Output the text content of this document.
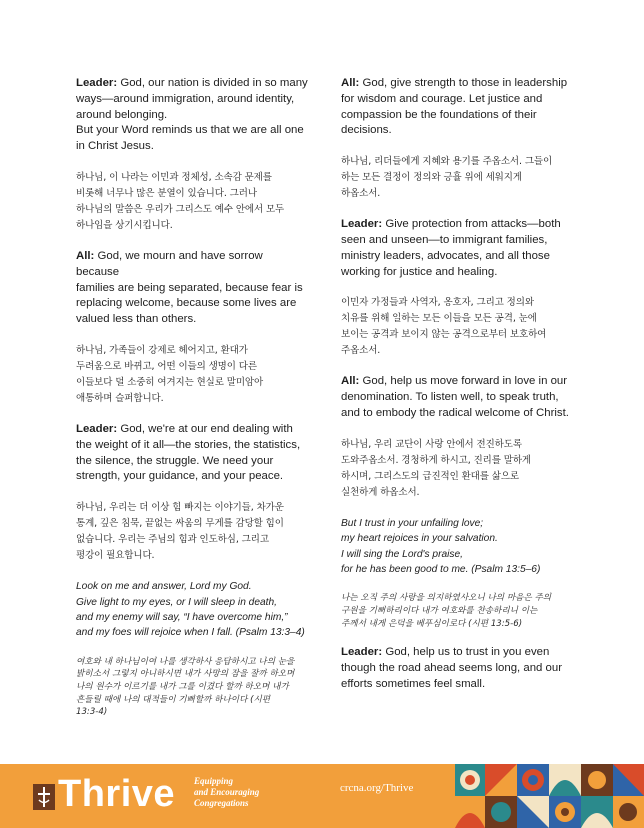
Leader: God, our nation is divided in so many
ways—around immigration, around identity,
around belonging.
But your Word reminds us that we are all one
in Christ Jesus.
하나님, 이 나라는 이민과 정체성, 소속감 문제를
비롯해 너무나 많은 분열이 있습니다. 그러나
하나님의 말씀은 우리가 그리스도 예수 안에서 모두
하나임을 상기시킵니다.
All: God, we mourn and have sorrow because
families are being separated, because fear is
replacing welcome, because some lives are
valued less than others.
하나님, 가족들이 강제로 헤어지고, 환대가
두려움으로 바뀌고, 어떤 이들의 생명이 다른
이들보다 덜 소중히 여겨지는 현실로 말미암아
애통하며 슬퍼합니다.
Leader: God, we're at our end dealing with
the weight of it all—the stories, the statistics,
the silence, the struggle. We need your
strength, your guidance, and your peace.
하나님, 우리는 더 이상 힘 빠지는 이야기들, 차가운
통계, 깊은 침묵, 끝없는 싸움의 무게를 감당할 힘이
없습니다. 우리는 주님의 힘과 인도하심, 그리고
평강이 필요합니다.
Look on me and answer, Lord my God.
Give light to my eyes, or I will sleep in death,
and my enemy will say, “I have overcome him,”
and my foes will rejoice when I fall. (Psalm 13:3–4)
여호와 내 하나님이여 나를 생각하사 응답하시고 나의 눈을
밝히소서 그렇지 아니하시면 내가 사망의 잠을 잘까 하오며
나의 원수가 이르기를 내가 그를 이겼다 할까 하오며 내가
흔들릴 때에 나의 대적들이 기뻐할까 하나이다 (시편
13:3-4)
All: God, give strength to those in leadership
for wisdom and courage. Let justice and
compassion be the foundations of their
decisions.
하나님, 리더들에게 지혜와 용기를 주옵소서. 그들이
하는 모든 결정이 정의와 긍휼 위에 세워지게
하옵소서.
Leader: Give protection from attacks—both
seen and unseen—to immigrant families,
ministry leaders, advocates, and all those
working for justice and healing.
이민자 가정들과 사역자, 옹호자, 그리고 정의와
치유를 위해 일하는 모든 이들을 모든 공격, 눈에
보이는 공격과 보이지 않는 공격으로부터 보호하여
주옵소서.
All: God, help us move forward in love in our
denomination. To listen well, to speak truth,
and to embody the radical welcome of Christ.
하나님, 우리 교단이 사랑 안에서 전진하도록
도와주옵소서. 경청하게 하시고, 진리를 말하게
하시며, 그리스도의 급진적인 환대를 삶으로
실천하게 하옵소서.
But I trust in your unfailing love;
my heart rejoices in your salvation.
I will sing the Lord's praise,
for he has been good to me. (Psalm 13:5–6)
나는 오직 주의 사랑을 의지하였사오니 나의 마음은 주의
구원을 기뻐하리이다 내가 여호와를 찬송하리니 이는
주께서 내게 은덕을 베푸심이로다 (시편 13:5-6)
Leader: God, help us to trust in you even
though the road ahead seems long, and our
efforts sometimes feel small.
Thrive Equipping
and Encouraging
Congregations
crcna.org/Thrive
